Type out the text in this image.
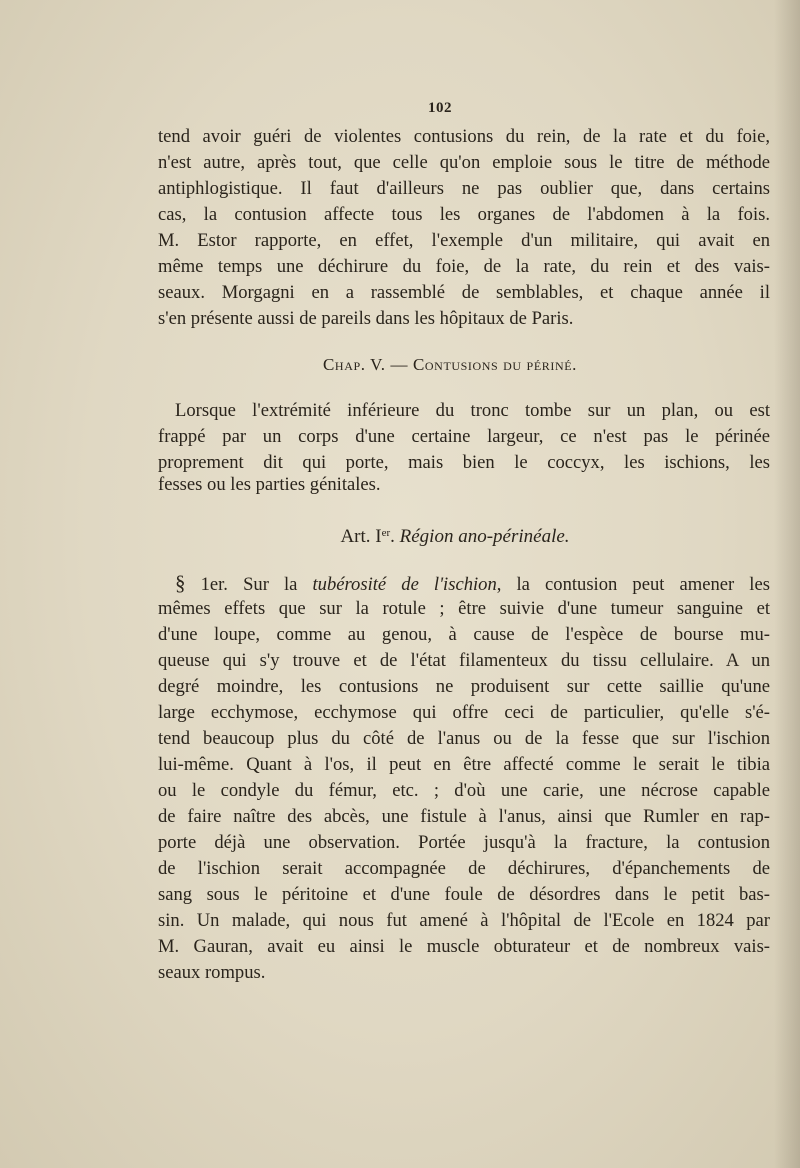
102
tend avoir guéri de violentes contusions du rein, de la rate et du foie,
n'est autre, après tout, que celle qu'on emploie sous le titre de méthode
antiphlogistique. Il faut d'ailleurs ne pas oublier que, dans certains
cas, la contusion affecte tous les organes de l'abdomen à la fois.
M. Estor rapporte, en effet, l'exemple d'un militaire, qui avait en
même temps une déchirure du foie, de la rate, du rein et des vais-
seaux. Morgagni en a rassemblé de semblables, et chaque année il
s'en présente aussi de pareils dans les hôpitaux de Paris.
Chap. V. — Contusions du périné.
Lorsque l'extrémité inférieure du tronc tombe sur un plan, ou est
frappé par un corps d'une certaine largeur, ce n'est pas le périnée
proprement dit qui porte, mais bien le coccyx, les ischions, les
fesses ou les parties génitales.
Art. Ier. Région ano-périnéale.
§ 1er. Sur la tubérosité de l'ischion, la contusion peut amener les
mêmes effets que sur la rotule ; être suivie d'une tumeur sanguine et
d'une loupe, comme au genou, à cause de l'espèce de bourse mu-
queuse qui s'y trouve et de l'état filamenteux du tissu cellulaire. A un
degré moindre, les contusions ne produisent sur cette saillie qu'une
large ecchymose, ecchymose qui offre ceci de particulier, qu'elle s'é-
tend beaucoup plus du côté de l'anus ou de la fesse que sur l'ischion
lui-même. Quant à l'os, il peut en être affecté comme le serait le tibia
ou le condyle du fémur, etc. ; d'où une carie, une nécrose capable
de faire naître des abcès, une fistule à l'anus, ainsi que Rumler en rap-
porte déjà une observation. Portée jusqu'à la fracture, la contusion
de l'ischion serait accompagnée de déchirures, d'épanchements de
sang sous le péritoine et d'une foule de désordres dans le petit bas-
sin. Un malade, qui nous fut amené à l'hôpital de l'Ecole en 1824 par
M. Gauran, avait eu ainsi le muscle obturateur et de nombreux vais-
seaux rompus.
